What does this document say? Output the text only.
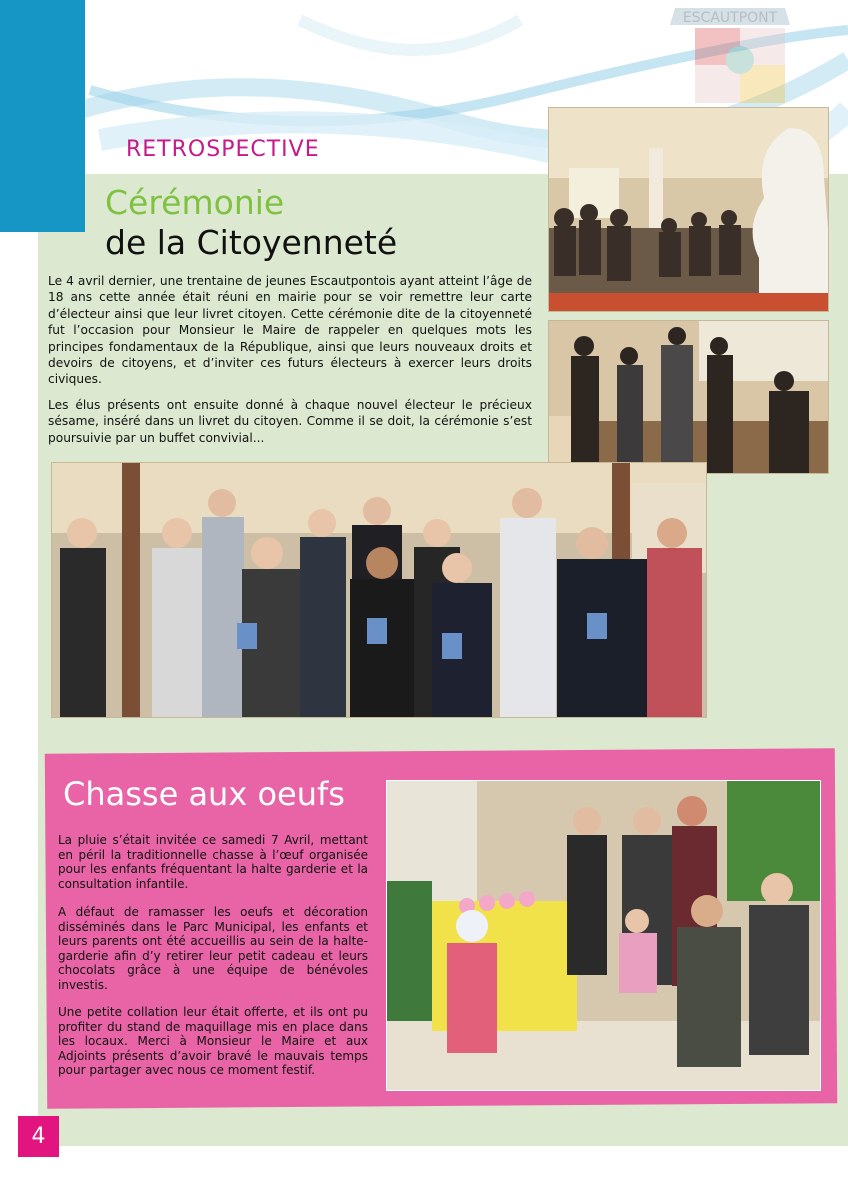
ESCAUTPONT
RETROSPECTIVE
Cérémonie
de la Citoyenneté
Le 4 avril dernier, une trentaine de jeunes Escautpontois ayant atteint l’âge de 18 ans cette année était réuni en mairie pour se voir remettre leur carte d’électeur ainsi que leur livret citoyen. Cette cérémonie dite de la citoyenneté fut l’occasion pour Monsieur le Maire de rappeler en quelques mots les principes fondamentaux de la République, ainsi que leurs nouveaux droits et devoirs de citoyens, et d’inviter ces futurs électeurs à exercer leurs droits civiques.
Les élus présents ont ensuite donné à chaque nouvel électeur le précieux sésame, inséré dans un livret du citoyen. Comme il se doit, la cérémonie s’est poursuivie par un buffet convivial...
Chasse aux oeufs
La pluie s’était invitée ce samedi 7 Avril, mettant en péril la traditionnelle chasse à l’œuf organisée pour les enfants fréquentant la halte garderie et la consultation infantile.
A défaut de ramasser les oeufs et décoration disséminés dans le Parc Municipal, les enfants et leurs parents ont été accueillis au sein de la halte-garderie afin d’y retirer leur petit cadeau et leurs chocolats grâce à une équipe de bénévoles investis.
Une petite collation leur était offerte, et ils ont pu profiter du stand de maquillage mis en place dans les locaux. Merci à Monsieur le Maire et aux Adjoints présents d’avoir bravé le mauvais temps pour partager avec nous ce moment festif.
4
